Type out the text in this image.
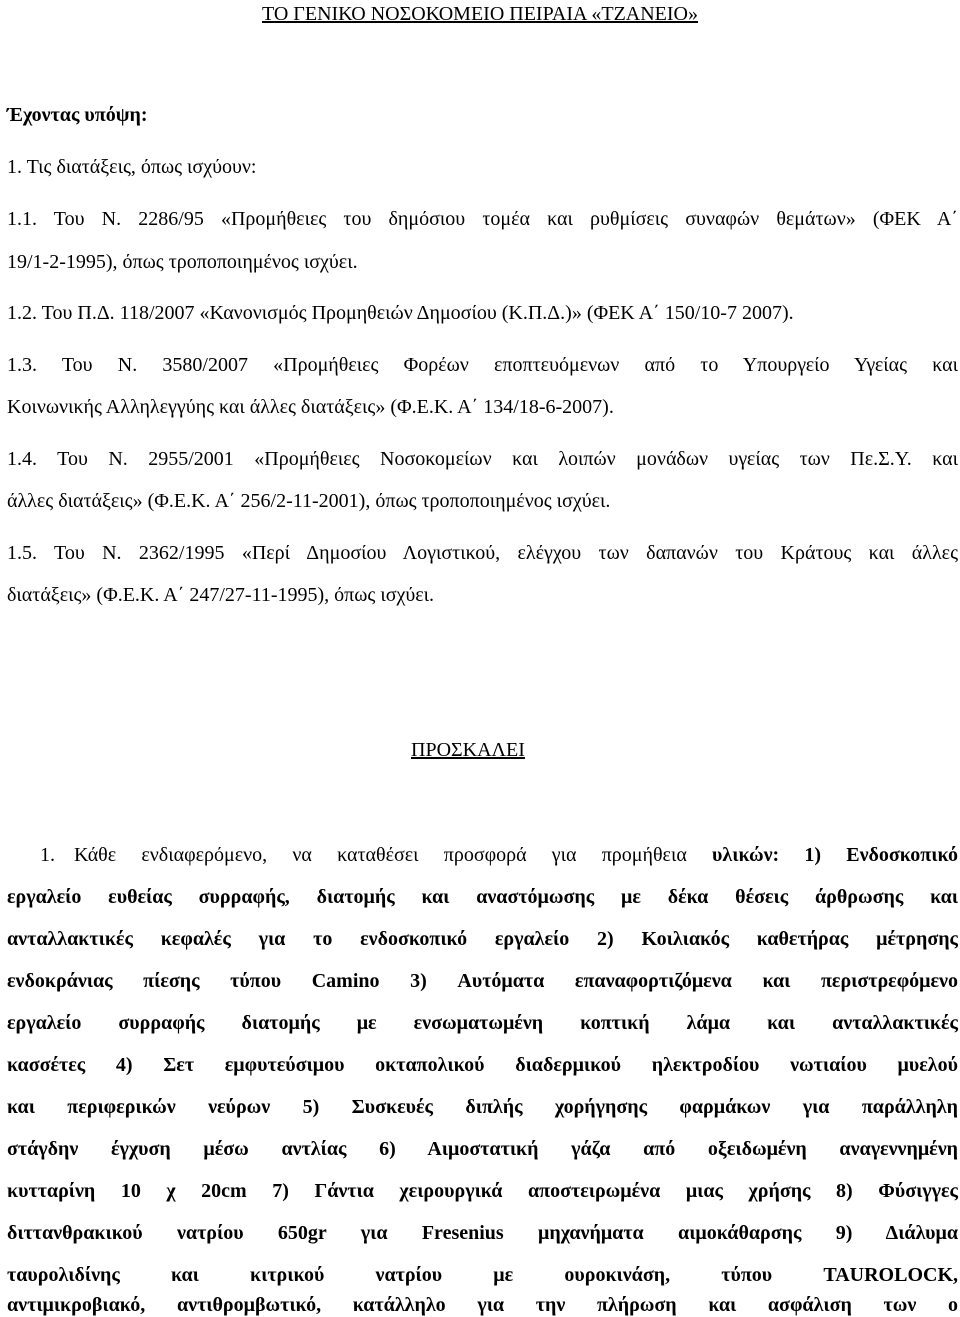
ΤΟ ΓΕΝΙΚΟ ΝΟΣΟΚΟΜΕΙΟ ΠΕΙΡΑΙΑ «ΤΖΑΝΕΙΟ»

Έχοντας υπόψη:

1. Τις διατάξεις, όπως ισχύουν:

1.1. Του Ν. 2286/95 «Προμήθειες του δημόσιου τομέα και ρυθμίσεις συναφών θεμάτων» (ΦΕΚ Α΄

19/1-2-1995), όπως τροποποιημένος ισχύει.

1.2. Του Π.Δ. 118/2007 «Κανονισμός Προμηθειών Δημοσίου (Κ.Π.Δ.)» (ΦΕΚ Α΄ 150/10-7 2007).

1.3. Του Ν. 3580/2007 «Προμήθειες Φορέων εποπτευόμενων από το Υπουργείο Υγείας και

Κοινωνικής Αλληλεγγύης και άλλες διατάξεις» (Φ.Ε.Κ. Α΄ 134/18-6-2007).

1.4. Του Ν. 2955/2001 «Προμήθειες Νοσοκομείων και λοιπών μονάδων υγείας των Πε.Σ.Υ. και

άλλες διατάξεις» (Φ.Ε.Κ. Α΄ 256/2-11-2001), όπως τροποποιημένος ισχύει.

1.5. Του Ν. 2362/1995 «Περί Δημοσίου Λογιστικού, ελέγχου των δαπανών του Κράτους και άλλες

διατάξεις» (Φ.Ε.Κ. Α΄ 247/27-11-1995), όπως ισχύει.

ΠΡΟΣΚΑΛΕΙ

1. Κάθε ενδιαφερόμενο, να καταθέσει προσφορά για προμήθεια υλικών: 1) Ενδοσκοπικό

εργαλείο ευθείας συρραφής, διατομής και αναστόμωσης με δέκα θέσεις άρθρωσης και

ανταλλακτικές κεφαλές για το ενδοσκοπικό εργαλείο 2) Κοιλιακός καθετήρας μέτρησης

ενδοκράνιας πίεσης τύπου Camino 3) Αυτόματα επαναφορτιζόμενα και περιστρεφόμενο

εργαλείο συρραφής διατομής με ενσωματωμένη κοπτική λάμα και ανταλλακτικές

κασσέτες 4) Σετ εμφυτεύσιμου οκταπολικού διαδερμικού ηλεκτροδίου νωτιαίου μυελού

και περιφερικών νεύρων 5) Συσκευές διπλής χορήγησης φαρμάκων για παράλληλη

στάγδην έγχυση μέσω αντλίας 6) Αιμοστατική γάζα από οξειδωμένη αναγεννημένη

κυτταρίνη 10 χ 20cm 7) Γάντια χειρουργικά αποστειρωμένα μιας χρήσης 8) Φύσιγγες

διττανθρακικού νατρίου 650gr για Fresenius μηχανήματα αιμοκάθαρσης 9) Διάλυμα

ταυρολιδίνης και κιτρικού νατρίου με ουροκινάση, τύπου TAUROLOCK,

αντιμικροβιακό, αντιθρομβωτικό, κατάλληλο για την πλήρωση και ασφάλιση των ο
